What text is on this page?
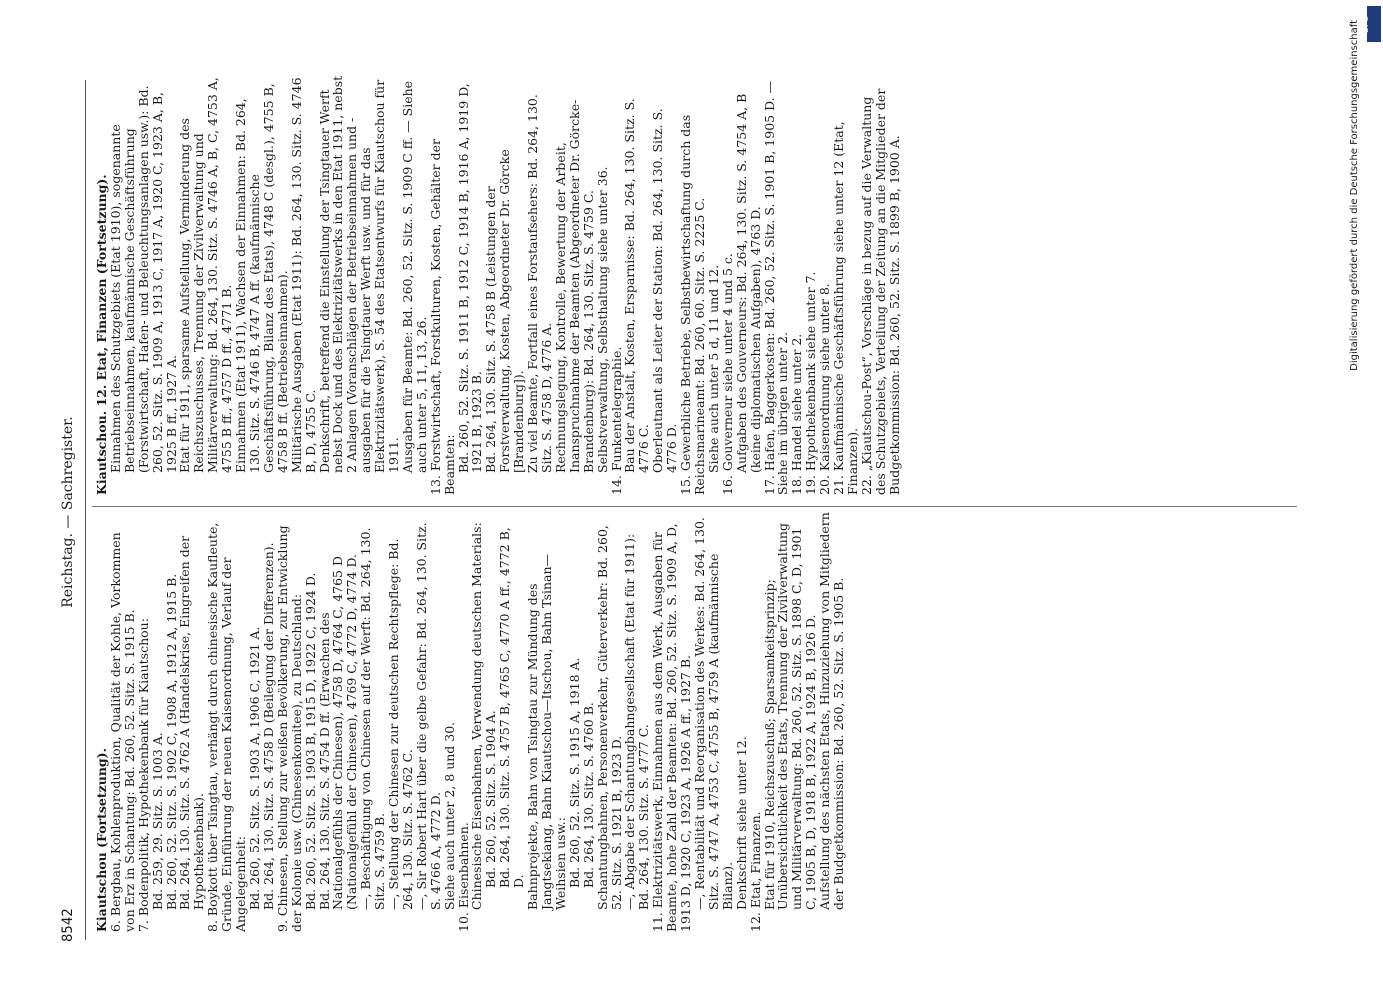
8542
Reichstag. — Sachregister.

Kiautschou (Fortsetzung).

6. Bergbau, Kohlenproduktion, Qualität der Kohle, Vorkommen von Erz in Schantung: Bd. 260, 52. Sitz. S. 1915 B.

7. Bodenpolitik, Hypothekenbank für Kiautschou:

Bd. 259, 29. Sitz. S. 1003 A.

Bd. 260, 52. Sitz. S. 1902 C, 1908 A, 1912 A, 1915 B.

Bd. 264, 130. Sitz. S. 4762 A (Handelskrise, Eingreifen der Hypothekenbank).

8. Boykott über Tsingtau, verhängt durch chinesische Kaufleute, Gründe, Einführung der neuen Kaisenordnung, Verlauf der Angelegenheit:

Bd. 260, 52. Sitz. S. 1903 A, 1906 C, 1921 A.

Bd. 264, 130. Sitz. S. 4758 D (Beilegung der Differenzen).

9. Chinesen, Stellung zur weißen Bevölkerung, zur Entwicklung der Kolonie usw. (Chinesenkomitee), zu Deutschland:

Bd. 260, 52. Sitz. S. 1903 B, 1915 D, 1922 C, 1924 D.

Bd. 264, 130. Sitz. S. 4754 D ff. (Erwachen des Nationalgefühls der Chinesen), 4758 D, 4764 C, 4765 D (Nationalgefühl der Chinesen), 4769 C, 4772 D, 4774 D.

—, Beschäftigung von Chinesen auf der Werft: Bd. 264, 130. Sitz. S. 4759 B.

—, Stellung der Chinesen zur deutschen Rechtspflege: Bd. 264, 130. Sitz. S. 4762 C.

—, Sir Robert Hart über die gelbe Gefahr: Bd. 264, 130. Sitz. S. 4766 A, 4772 D.

Siehe auch unter 2, 8 und 30.

10. Eisenbahnen.

Chinesische Eisenbahnen, Verwendung deutschen Materials:

Bd. 260, 52. Sitz. S. 1904 A.

Bd. 264, 130. Sitz. S. 4757 B, 4765 C, 4770 A ff., 4772 B, D.

Bahnprojekte, Bahn von Tsingtau zur Mündung des Jangtsekiang, Bahn Kiautschou—Itschou, Bahn Tsinan—Weihsien usw.:

Bd. 260, 52. Sitz. S. 1915 A, 1918 A.

Bd. 264, 130. Sitz. S. 4760 B.

Schantungbahnen, Personenverkehr, Güterverkehr: Bd. 260, 52. Sitz. S. 1921 B, 1923 D.

—, Abgabe der Schantungbahngesellschaft (Etat für 1911): Bd. 264, 130. Sitz. S. 4777 C.

11. Elektrizitätswerk, Einnahmen aus dem Werk, Ausgaben für Beamte, hohe Zahl der Beamten: Bd. 260, 52. Sitz. S. 1909 A, D, 1913 D, 1920 C, 1923 A, 1926 A ff., 1927 B.

—, Rentabilität und Reorganisation des Werkes: Bd. 264, 130. Sitz. S. 4747 A, 4753 C, 4755 B, 4759 A (kaufmännische Bilanz).

Denkschrift siehe unter 12.

12. Etat, Finanzen.

Etat für 1910, Reichszuschuß; Sparsamkeitsprinzip; Unübersichtlichkeit des Etats, Trennung der Zivilverwaltung und Militärverwaltung: Bd. 260, 52. Sitz. S. 1898 C, D, 1901 C, 1905 B, D, 1918 B, 1922 A, 1924 B, 1926 D.

Aufstellung des nächsten Etats, Hinzuziehung von Mitgliedern der Budgetkommission: Bd. 260, 52. Sitz. S. 1905 B.

Kiautschou. 12. Etat, Finanzen (Fortsetzung).

Einnahmen des Schutzgebiets (Etat 1910), sogenannte Betriebseinnahmen, kaufmännische Geschäftsführung (Forstwirtschaft, Hafen- und Beleuchtungsanlagen usw.): Bd. 260, 52. Sitz. S. 1909 A, 1913 C, 1917 A, 1920 C, 1923 A, B, 1925 B ff., 1927 A.

Etat für 1911, sparsame Aufstellung, Verminderung des Reichszuschusses, Trennung der Zivilverwaltung und Militärverwaltung: Bd. 264, 130. Sitz. S. 4746 A, B, C, 4753 A, 4755 B ff., 4757 D ff., 4771 B.

Einnahmen (Etat 1911), Wachsen der Einnahmen: Bd. 264, 130. Sitz. S. 4746 B, 4747 A ff. (kaufmännische Geschäftsführung, Bilanz des Etats), 4748 C (desgl.), 4755 B, 4758 B ff. (Betriebseinnahmen).

Militärische Ausgaben (Etat 1911): Bd. 264, 130. Sitz. S. 4746 B, D, 4755 C.

Denkschrift, betreffend die Einstellung der Tsingtauer Werft nebst Dock und des Elektrizitätswerks in den Etat 1911, nebst 2 Anlagen (Voranschlägen der Betriebseinnahmen und -ausgaben für die Tsingtauer Werft usw. und für das Elektrizitätswerk), S. 54 des Etatsentwurfs für Kiautschou für 1911.

Ausgaben für Beamte: Bd. 260, 52. Sitz. S. 1909 C ff. — Siehe auch unter 5, 11, 13, 26.

13. Forstwirtschaft, Forstkulturen, Kosten, Gehälter der Beamten:

Bd. 260, 52. Sitz. S. 1911 B, 1912 C, 1914 B, 1916 A, 1919 D, 1921 B, 1923 B.

Bd. 264, 130. Sitz. S. 4758 B (Leistungen der Forstverwaltung, Kosten, Abgeordneter Dr. Görcke [Brandenburg]).

Zu viel Beamte, Fortfall eines Forstaufsehers: Bd. 264, 130. Sitz. S. 4758 D, 4776 A.

Rechnungslegung, Kontrolle, Bewertung der Arbeit, Inanspruchnahme der Beamten (Abgeordneter Dr. Görcke-Brandenburg): Bd. 264, 130. Sitz. S. 4759 C.

Selbstverwaltung, Selbsthaltung siehe unter 36.

14. Funkentelegraphie.

Bau der Anstalt, Kosten, Ersparnisse: Bd. 264, 130. Sitz. S. 4776 C.

Oberleutnant als Leiter der Station: Bd. 264, 130. Sitz. S. 4776 D.

15. Gewerbliche Betriebe, Selbstbewirtschaftung durch das Reichsmarineamt: Bd. 260, 60. Sitz. S. 2225 C.

Siehe auch unter 5 d, 11 und 12.

16. Gouverneur siehe unter 4 und 5 c.

Aufgaben des Gouverneurs: Bd. 264, 130. Sitz. S. 4754 A, B (keine diplomatischen Aufgaben), 4763 D.

17. Hafen, Baggerkosten: Bd. 260, 52. Sitz. S. 1901 B, 1905 D. — Siehe im übrigen unter 2.

18. Handel siehe unter 2.

19. Hypothekenbank siehe unter 7.

20. Kaisenordnung siehe unter 8.

21. Kaufmännische Geschäftsführung siehe unter 12 (Etat, Finanzen).

22. „Kiautschou-Post“, Vorschläge in bezug auf die Verwaltung des Schutzgebiets, Verteilung der Zeitung an die Mitglieder der Budgetkommission: Bd. 260, 52. Sitz. S. 1899 B, 1900 A.	Digitalisierung gefördert durch die Deutsche Forschungsgemeinschaft DFG
